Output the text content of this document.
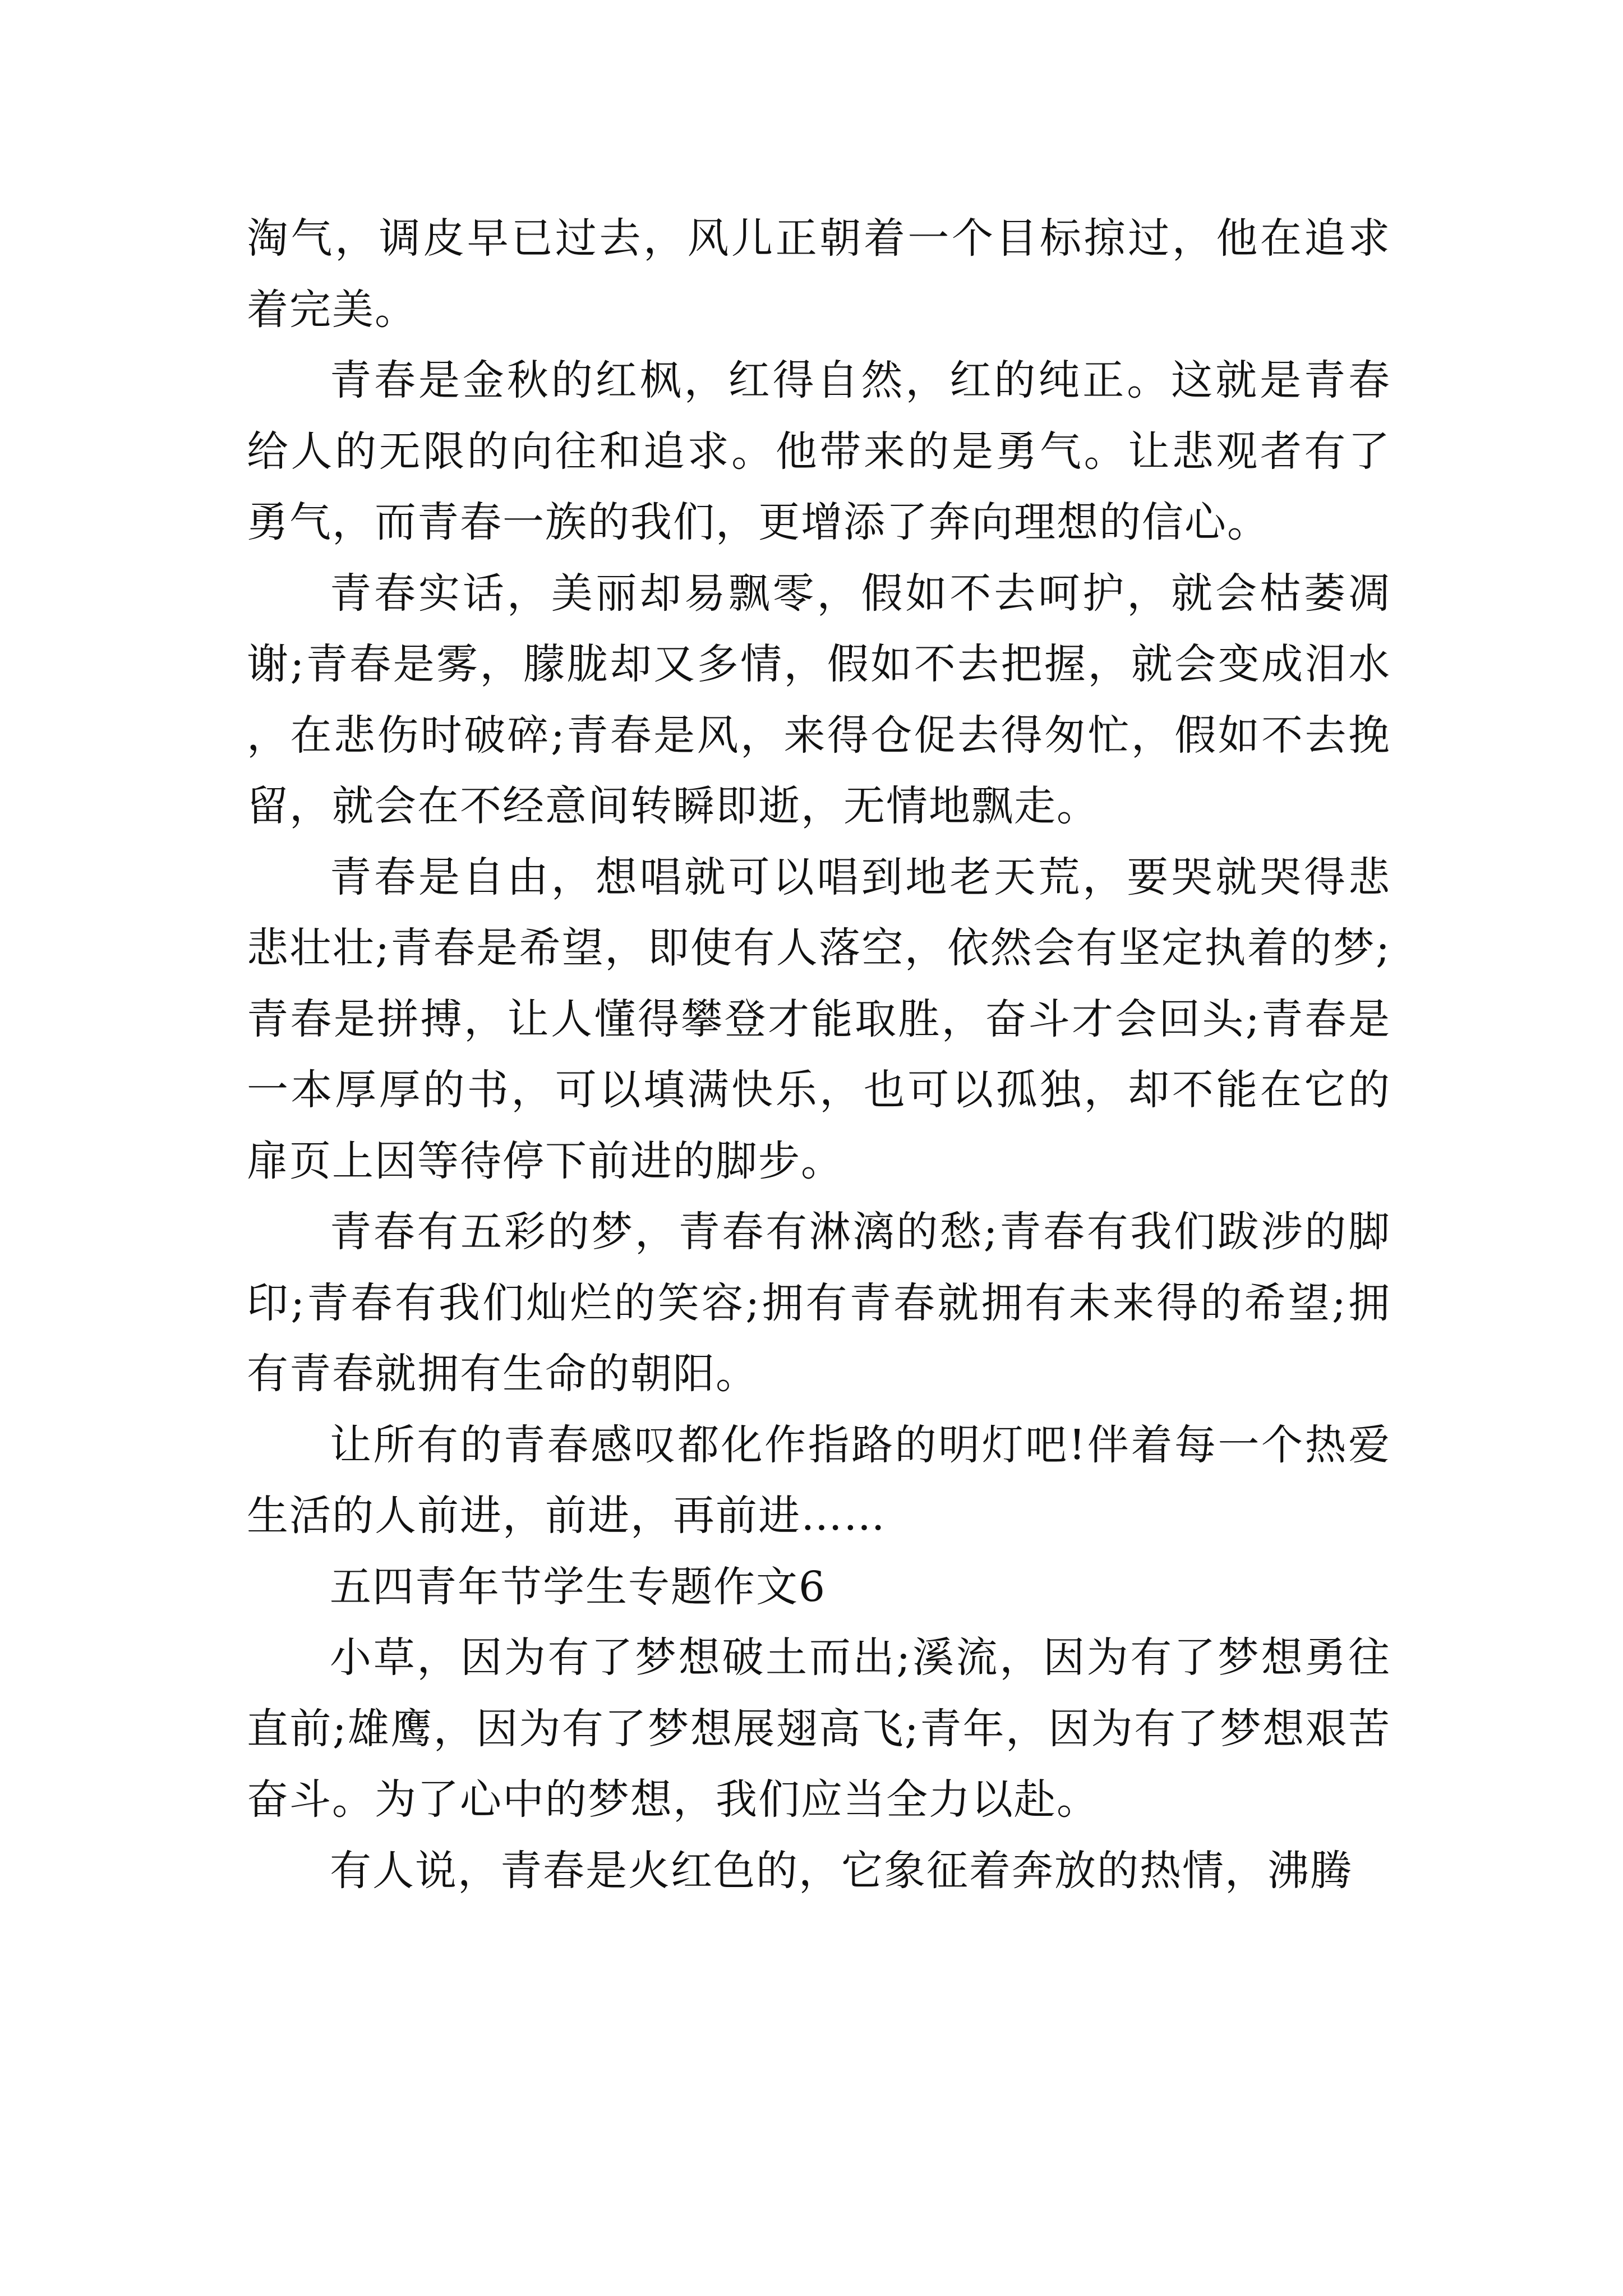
淘气，调皮早已过去，风儿正朝着一个目标掠过，他在追求着完美。

青春是金秋的红枫，红得自然，红的纯正。这就是青春给人的无限的向往和追求。他带来的是勇气。让悲观者有了勇气，而青春一族的我们，更增添了奔向理想的信心。

青春实话，美丽却易飘零，假如不去呵护，就会枯萎凋谢;青春是雾，朦胧却又多情，假如不去把握，就会变成泪水，在悲伤时破碎;青春是风，来得仓促去得匆忙，假如不去挽留，就会在不经意间转瞬即逝，无情地飘走。

青春是自由，想唱就可以唱到地老天荒，要哭就哭得悲悲壮壮;青春是希望，即使有人落空，依然会有坚定执着的梦;青春是拼搏，让人懂得攀登才能取胜，奋斗才会回头;青春是一本厚厚的书，可以填满快乐，也可以孤独，却不能在它的扉页上因等待停下前进的脚步。

青春有五彩的梦，青春有淋漓的愁;青春有我们跋涉的脚印;青春有我们灿烂的笑容;拥有青春就拥有未来得的希望;拥有青春就拥有生命的朝阳。

让所有的青春感叹都化作指路的明灯吧!伴着每一个热爱生活的人前进，前进，再前进……

五四青年节学生专题作文6

小草，因为有了梦想破土而出;溪流，因为有了梦想勇往直前;雄鹰，因为有了梦想展翅高飞;青年，因为有了梦想艰苦奋斗。为了心中的梦想，我们应当全力以赴。

有人说，青春是火红色的，它象征着奔放的热情，沸腾
